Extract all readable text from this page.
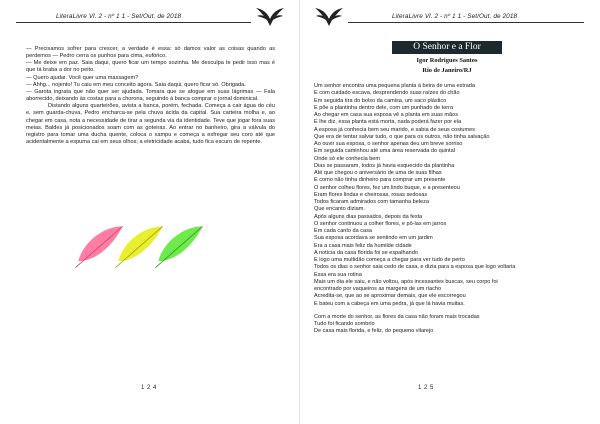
LiteraLivre Vl. 2 - nº 1 1 - Set/Out. de 2018

— Precisamos sofrer para crescer, a verdade é essa: só damos valor as coisas quando as perdemos — Pedro cerra os punhos para cima, eufórico.

— Me deixe em paz. Saia daqui, quero ficar um tempo sozinha. Me desculpa te pedir isso mas é que tá braba a dor no peito.

— Quero ajudar. Você quer uma massagem?

— Ahhg... nojento! Tu caiu em meu conceito agora. Saia daqui, quero ficar só. Obrigada.

— Garota ingrata que não quer ser ajudada. Tomara que se afogue em suas lágrimas — Fala aborrecido, deixando às costas para a chorona, seguindo à banca comprar o jornal dominical.

Distando alguns quarteirões, avista a banca, porém, fechada. Começa a cair água do céu e, sem guarda-chuva, Pedro encharca-se pela chuva ácida da capital. Sua carteira molha e, ao chegar em casa, nota a necessidade de tirar a segunda via da identidade. Teve que jogar fora suas meias. Baldes já posicionados soam com as goteiras. Ao entrar no banheiro, gira a válvula do registro para tomar uma ducha quente, coloca o xampu e começa a esfregar seu coro até que acidentalmente a espuma cai em seus olhos; a eletricidade acaba, tudo fica escuro de repente.

1 2 4
LiteraLivre Vl. 2 - nº 1 1 - Set/Out. de 2018
O Senhor e a Flor
Igor Rodrigues Santos
Rio de Janeiro/RJ
Um senhor encontra uma pequena planta à beira de uma estrada
E com cuidado escava, desprendendo suas raízes do chão
Em seguida tira do bolso da camisa, um saco plástico
E põe a plantinha dentro dele, com um punhado de terra
Ao chegar em casa sua esposa vê a planta em suas mãos
E lhe diz, essa planta está morta, nada poderá fazer por ela
A esposa já conhecia bem seu marido, e sabia de seus costumes
Que era de tentar salvar tudo, o que para os outros, não tinha salvação
Ao ouvir sua esposa, o senhor apenas deu um breve sorriso
Em seguida caminhou até uma área reservada do quintal
Onde só ele conhecia bem
Dias se passaram, todos já havia esquecido da plantinha
Até que chegou o aniversário de uma de suas filhas
E como não tinha dinheiro para comprar um presente
O senhor colheu flores, fez um lindo buque, e a presenteou
Eram flores lindas e cheirosas, rosas sedosas
Todos ficaram admirados com tamanha beleza
Que encanto diziam.
Após alguns dias passados, depois da festa
O senhor continuou a colher flores, e pô-las em jarros
Em cada canto da casa
Sua esposa acordava se sentindo em um jardim
Era a casa mais feliz da humilde cidade
A notícia da casa florida foi se espalhando
E logo uma multidão começa a chegar para ver tudo de perto
Todos os dias o senhor saia cedo de casa, e dizia para a esposa que logo voltaria
Essa era sua rotina
Mais um dia ele saiu, e não voltou, após incessantes buscas, seu corpo foi
encontrado por vaqueiros as margens de um riacho
Acredita-se, que ao se aproximar demais, que ele escorregou
E bateu com a cabeça em uma pedra, já que lá havia muitas.
Com a morte do senhor, as flores da casa não foram mais trocadas
Tudo foi ficando sombrio
De casa mais florida, e feliz, do pequeno vilarejo
1 2 5
